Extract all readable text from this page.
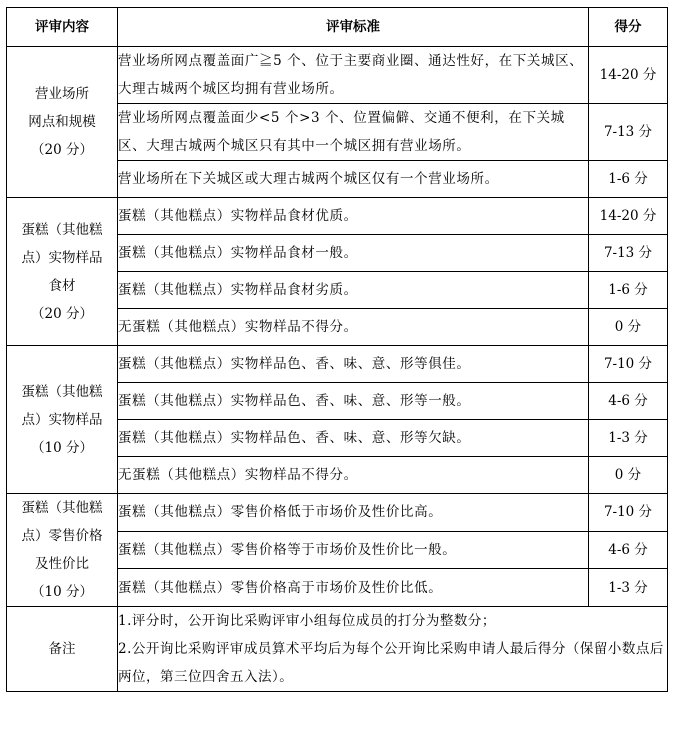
评审内容	评审标准	得分

营业场所
网点和规模
（20 分）	营业场所网点覆盖面广≧5 个、位于主要商业圈、通达性好，在下关城区、大理古城两个城区均拥有营业场所。	14-20 分
	营业场所网点覆盖面少<5 个>3 个、位置偏僻、交通不便利，在下关城区、大理古城两个城区只有其中一个城区拥有营业场所。	7-13 分
	营业场所在下关城区或大理古城两个城区仅有一个营业场所。	1-6 分

蛋糕（其他糕
点）实物样品
食材
（20 分）	蛋糕（其他糕点）实物样品食材优质。	14-20 分
	蛋糕（其他糕点）实物样品食材一般。	7-13 分
	蛋糕（其他糕点）实物样品食材劣质。	1-6 分
	无蛋糕（其他糕点）实物样品不得分。	0 分

蛋糕（其他糕
点）实物样品
（10 分）	蛋糕（其他糕点）实物样品色、香、味、意、形等俱佳。	7-10 分
	蛋糕（其他糕点）实物样品色、香、味、意、形等一般。	4-6 分
	蛋糕（其他糕点）实物样品色、香、味、意、形等欠缺。	1-3 分
	无蛋糕（其他糕点）实物样品不得分。	0 分

蛋糕（其他糕
点）零售价格
及性价比
（10 分）	蛋糕（其他糕点）零售价格低于市场价及性价比高。	7-10 分
	蛋糕（其他糕点）零售价格等于市场价及性价比一般。	4-6 分
	蛋糕（其他糕点）零售价格高于市场价及性价比低。	1-3 分
备注	1.评分时，公开询比采购评审小组每位成员的打分为整数分；
2.公开询比采购评审成员算术平均后为每个公开询比采购申请人最后得分（保留小数点后两位，第三位四舍五入法）。	
